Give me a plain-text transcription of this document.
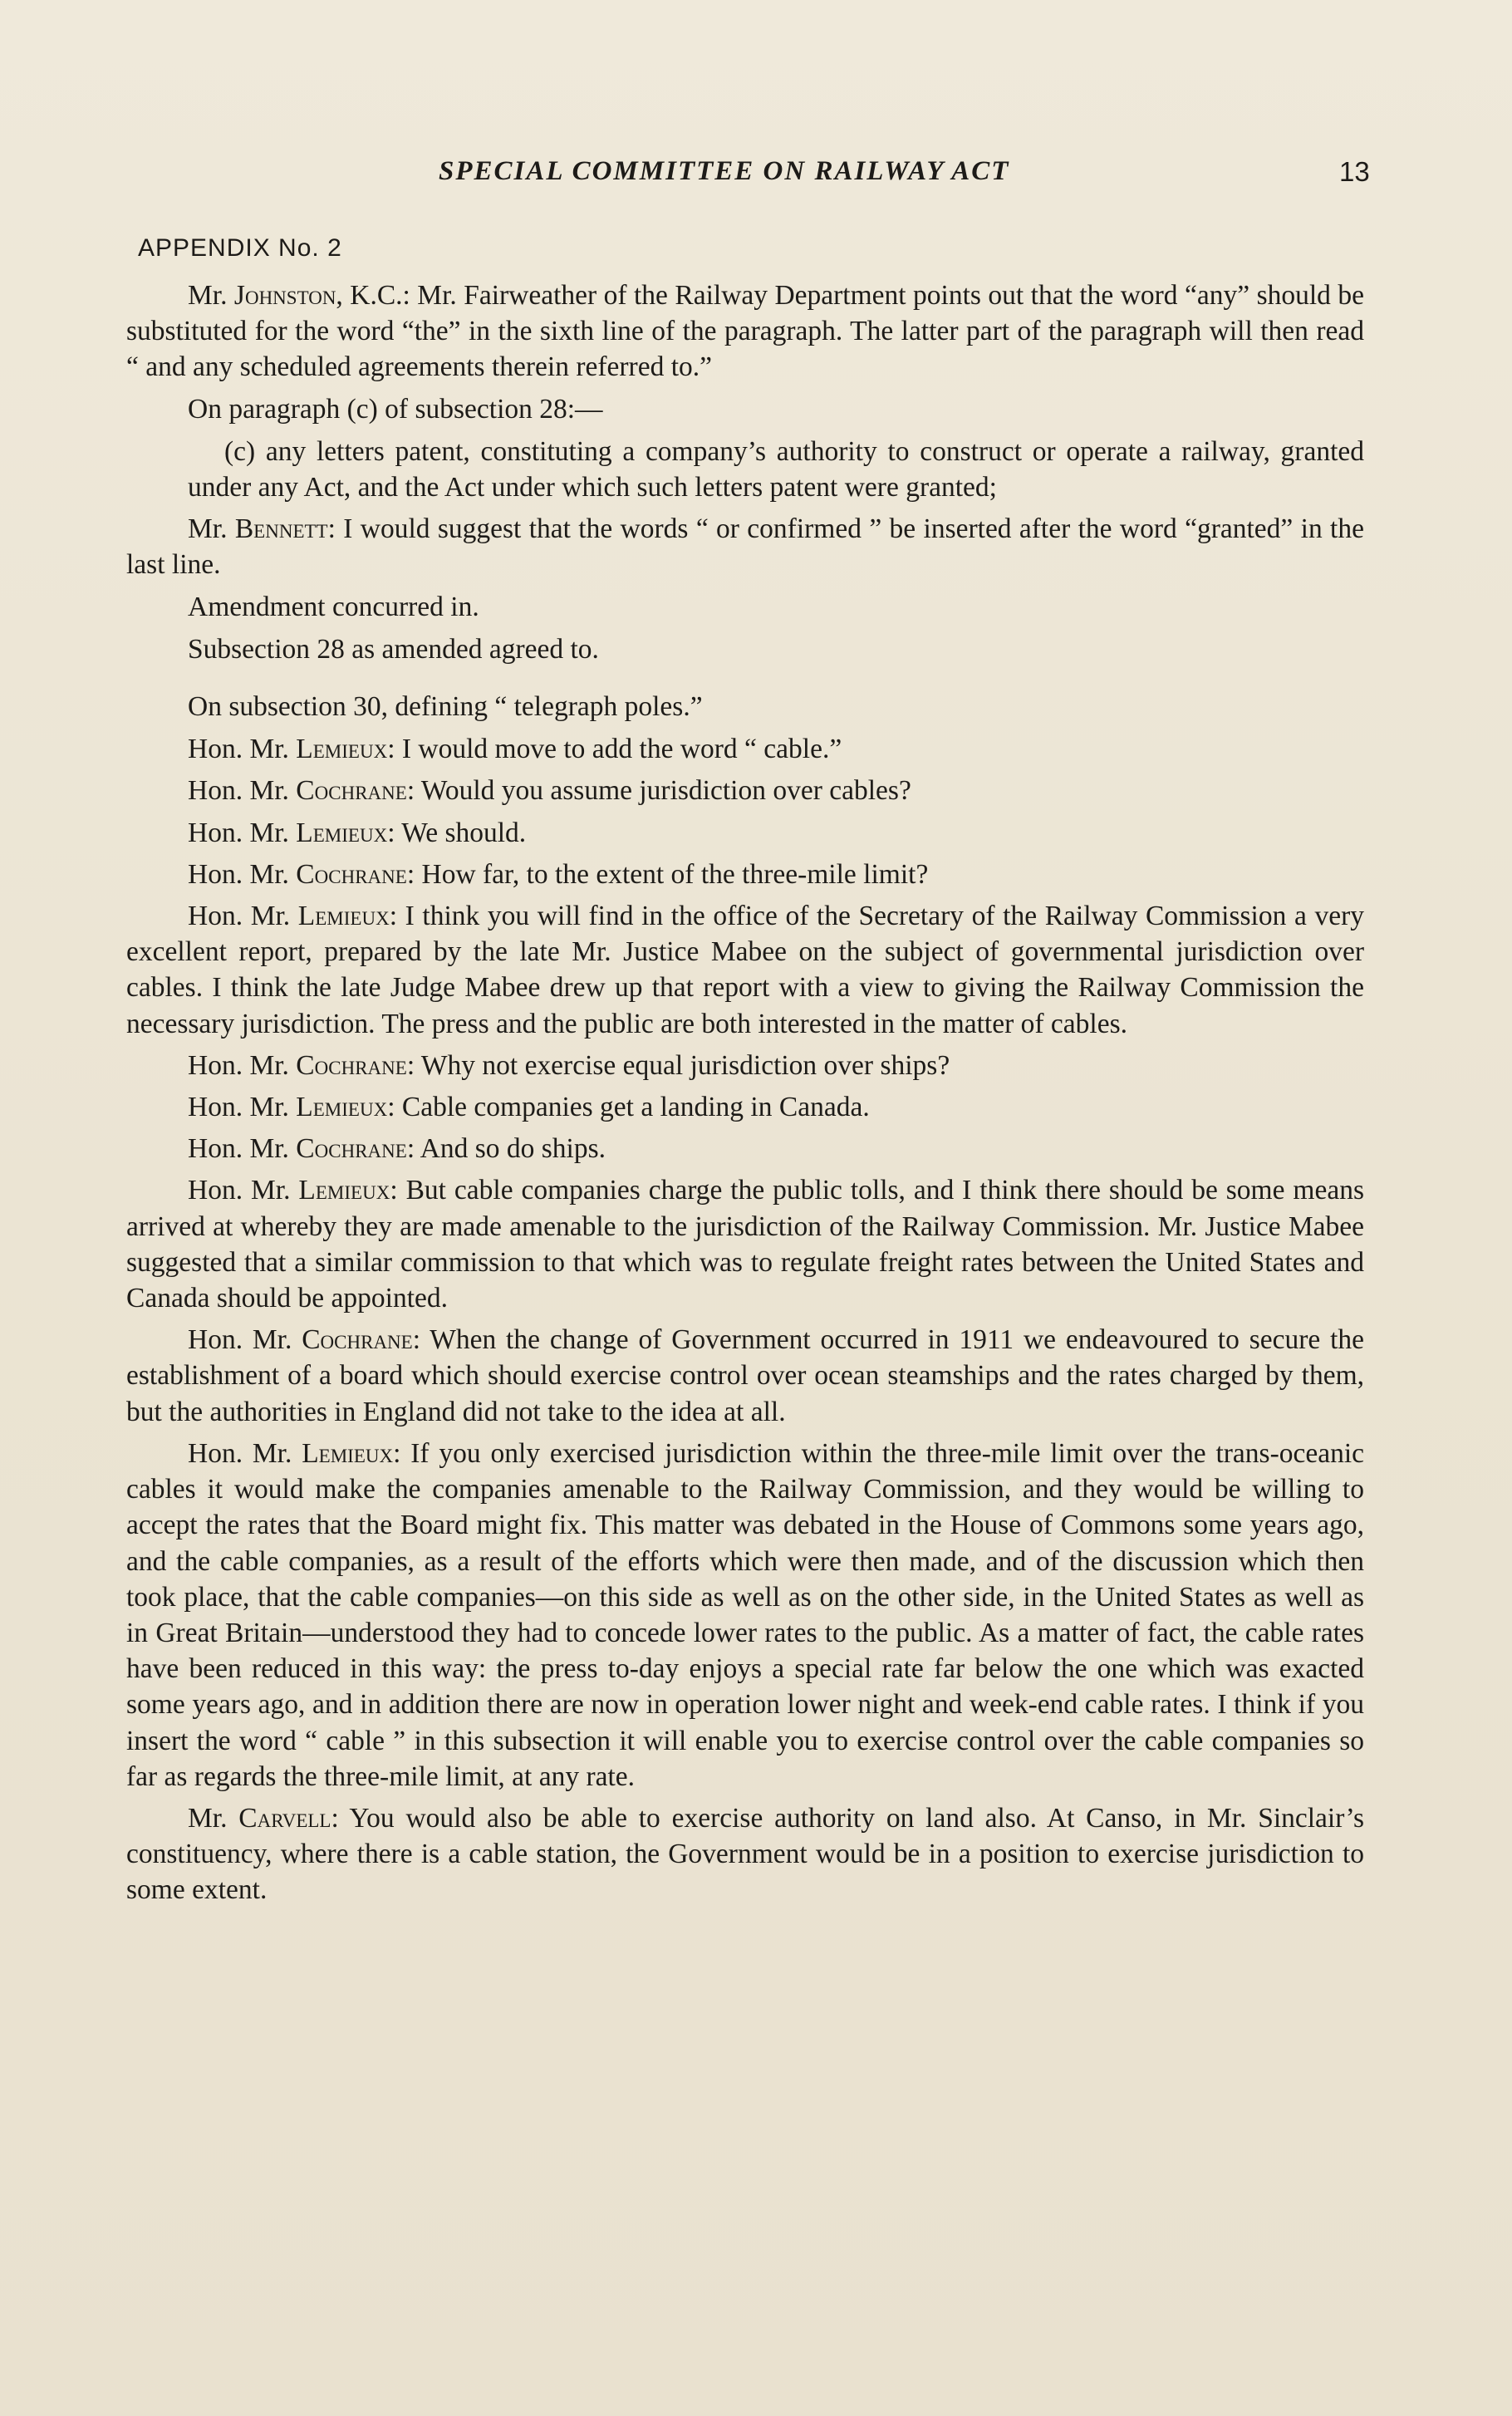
SPECIAL COMMITTEE ON RAILWAY ACT	13
APPENDIX No. 2

Mr. Johnston, K.C.: Mr. Fairweather of the Railway Department points out that the word “any” should be substituted for the word “the” in the sixth line of the paragraph. The latter part of the paragraph will then read “ and any scheduled agreements therein referred to.”

On paragraph (c) of subsection 28:—

(c) any letters patent, constituting a company’s authority to construct or operate a railway, granted under any Act, and the Act under which such letters patent were granted;

Mr. Bennett: I would suggest that the words “ or confirmed ” be inserted after the word “granted” in the last line.

Amendment concurred in.

Subsection 28 as amended agreed to.

On subsection 30, defining “ telegraph poles.”

Hon. Mr. Lemieux: I would move to add the word “ cable.”

Hon. Mr. Cochrane: Would you assume jurisdiction over cables?

Hon. Mr. Lemieux: We should.

Hon. Mr. Cochrane: How far, to the extent of the three-mile limit?

Hon. Mr. Lemieux: I think you will find in the office of the Secretary of the Railway Commission a very excellent report, prepared by the late Mr. Justice Mabee on the subject of governmental jurisdiction over cables. I think the late Judge Mabee drew up that report with a view to giving the Railway Commission the necessary jurisdiction. The press and the public are both interested in the matter of cables.

Hon. Mr. Cochrane: Why not exercise equal jurisdiction over ships?

Hon. Mr. Lemieux: Cable companies get a landing in Canada.

Hon. Mr. Cochrane: And so do ships.

Hon. Mr. Lemieux: But cable companies charge the public tolls, and I think there should be some means arrived at whereby they are made amenable to the jurisdiction of the Railway Commission. Mr. Justice Mabee suggested that a similar commission to that which was to regulate freight rates between the United States and Canada should be appointed.

Hon. Mr. Cochrane: When the change of Government occurred in 1911 we endeavoured to secure the establishment of a board which should exercise control over ocean steamships and the rates charged by them, but the authorities in England did not take to the idea at all.

Hon. Mr. Lemieux: If you only exercised jurisdiction within the three-mile limit over the trans-oceanic cables it would make the companies amenable to the Railway Commission, and they would be willing to accept the rates that the Board might fix. This matter was debated in the House of Commons some years ago, and the cable companies, as a result of the efforts which were then made, and of the discussion which then took place, that the cable companies—on this side as well as on the other side, in the United States as well as in Great Britain—understood they had to concede lower rates to the public. As a matter of fact, the cable rates have been reduced in this way: the press to-day enjoys a special rate far below the one which was exacted some years ago, and in addition there are now in operation lower night and week-end cable rates. I think if you insert the word “ cable ” in this subsection it will enable you to exercise control over the cable companies so far as regards the three-mile limit, at any rate.

Mr. Carvell: You would also be able to exercise authority on land also. At Canso, in Mr. Sinclair’s constituency, where there is a cable station, the Government would be in a position to exercise jurisdiction to some extent.
